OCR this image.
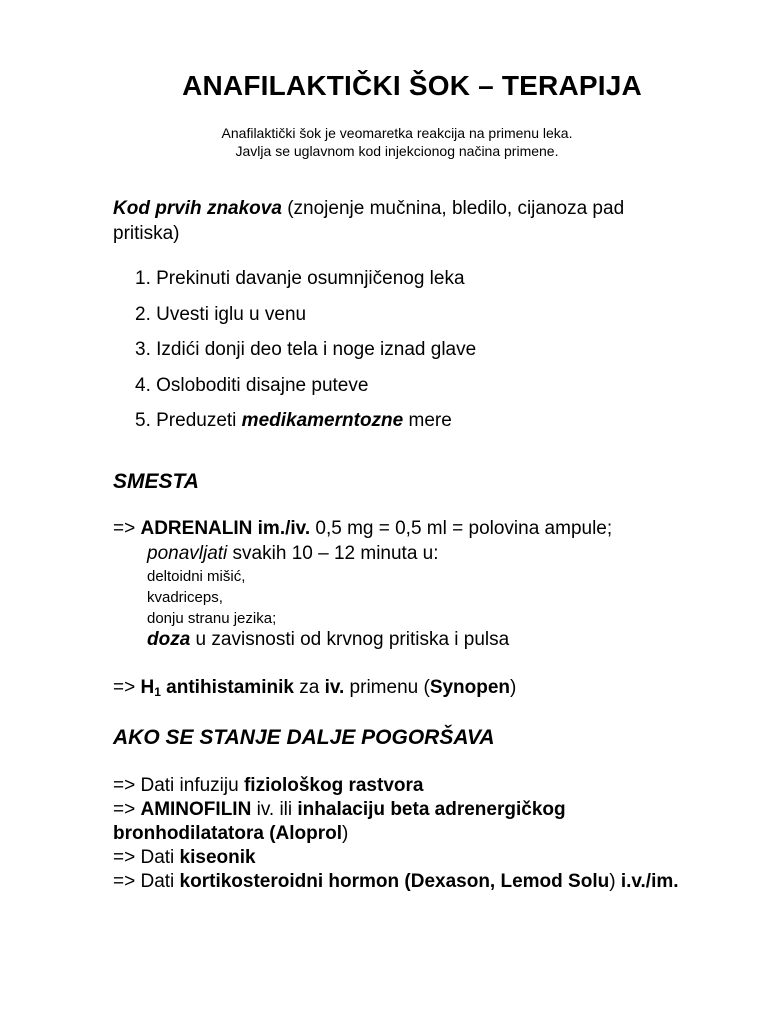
ANAFILAKTIČKI ŠOK – TERAPIJA
Anafilaktički šok je veomaretka reakcija na primenu leka.
Javlja se uglavnom kod injekcionog načina primene.
Kod prvih znakova (znojenje mučnina, bledilo, cijanoza pad
pritiska)
1. Prekinuti davanje osumnjičenog leka
2. Uvesti iglu u venu
3. Izdići donji deo tela i noge iznad glave
4. Osloboditi disajne puteve
5. Preduzeti medikamerntozne mere
SMESTA
=> ADRENALIN im./iv. 0,5 mg = 0,5 ml = polovina ampule;
ponavljati svakih 10 – 12 minuta u:
deltoidni mišić,
kvadriceps,
donju stranu jezika;
doza u zavisnosti od krvnog pritiska i pulsa
=> $H_1$ antihistaminik za iv. primenu (Synopen)
AKO SE STANJE DALJE POGORŠAVA
=> Dati infuziju fiziološkog rastvora
=> AMINOFILIN iv. ili inhalaciju beta adrenergičkog
bronhodilatatora (Aloprol)
=> Dati kiseonik
=> Dati kortikosteroidni hormon (Dexason, Lemod Solu) i.v./im.
